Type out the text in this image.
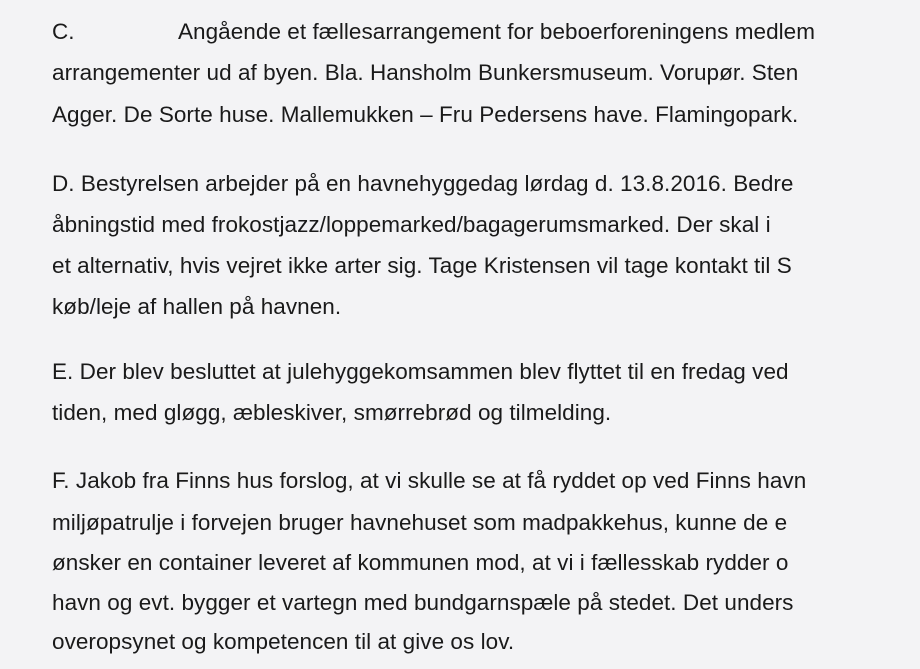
C.	Angående et fællesarrangement for beboerforeningens medlem
arrangementer ud af byen. Bla. Hansholm Bunkersmuseum. Vorupør. Sten
Agger. De Sorte huse. Mallemukken – Fru Pedersens have. Flamingopark.
D. Bestyrelsen arbejder på en havnehyggedag lørdag d. 13.8.2016. Bedre
åbningstid med frokostjazz/loppemarked/bagagerumsmarked. Der skal i
et alternativ, hvis vejret ikke arter sig. Tage Kristensen vil tage kontakt til S
køb/leje af hallen på havnen.
E. Der blev besluttet at julehyggekomsammen blev flyttet til en fredag ved
tiden, med gløgg, æbleskiver, smørrebrød og tilmelding.
F. Jakob fra Finns hus forslog, at vi skulle se at få ryddet op ved Finns havn
miljøpatrulje i forvejen bruger havnehuset som madpakkehus, kunne de e
ønsker en container leveret af kommunen mod, at vi i fællesskab rydder o
havn og evt. bygger et vartegn med bundgarnspæle på stedet. Det unders
overopsynet og kompetencen til at give os lov.
